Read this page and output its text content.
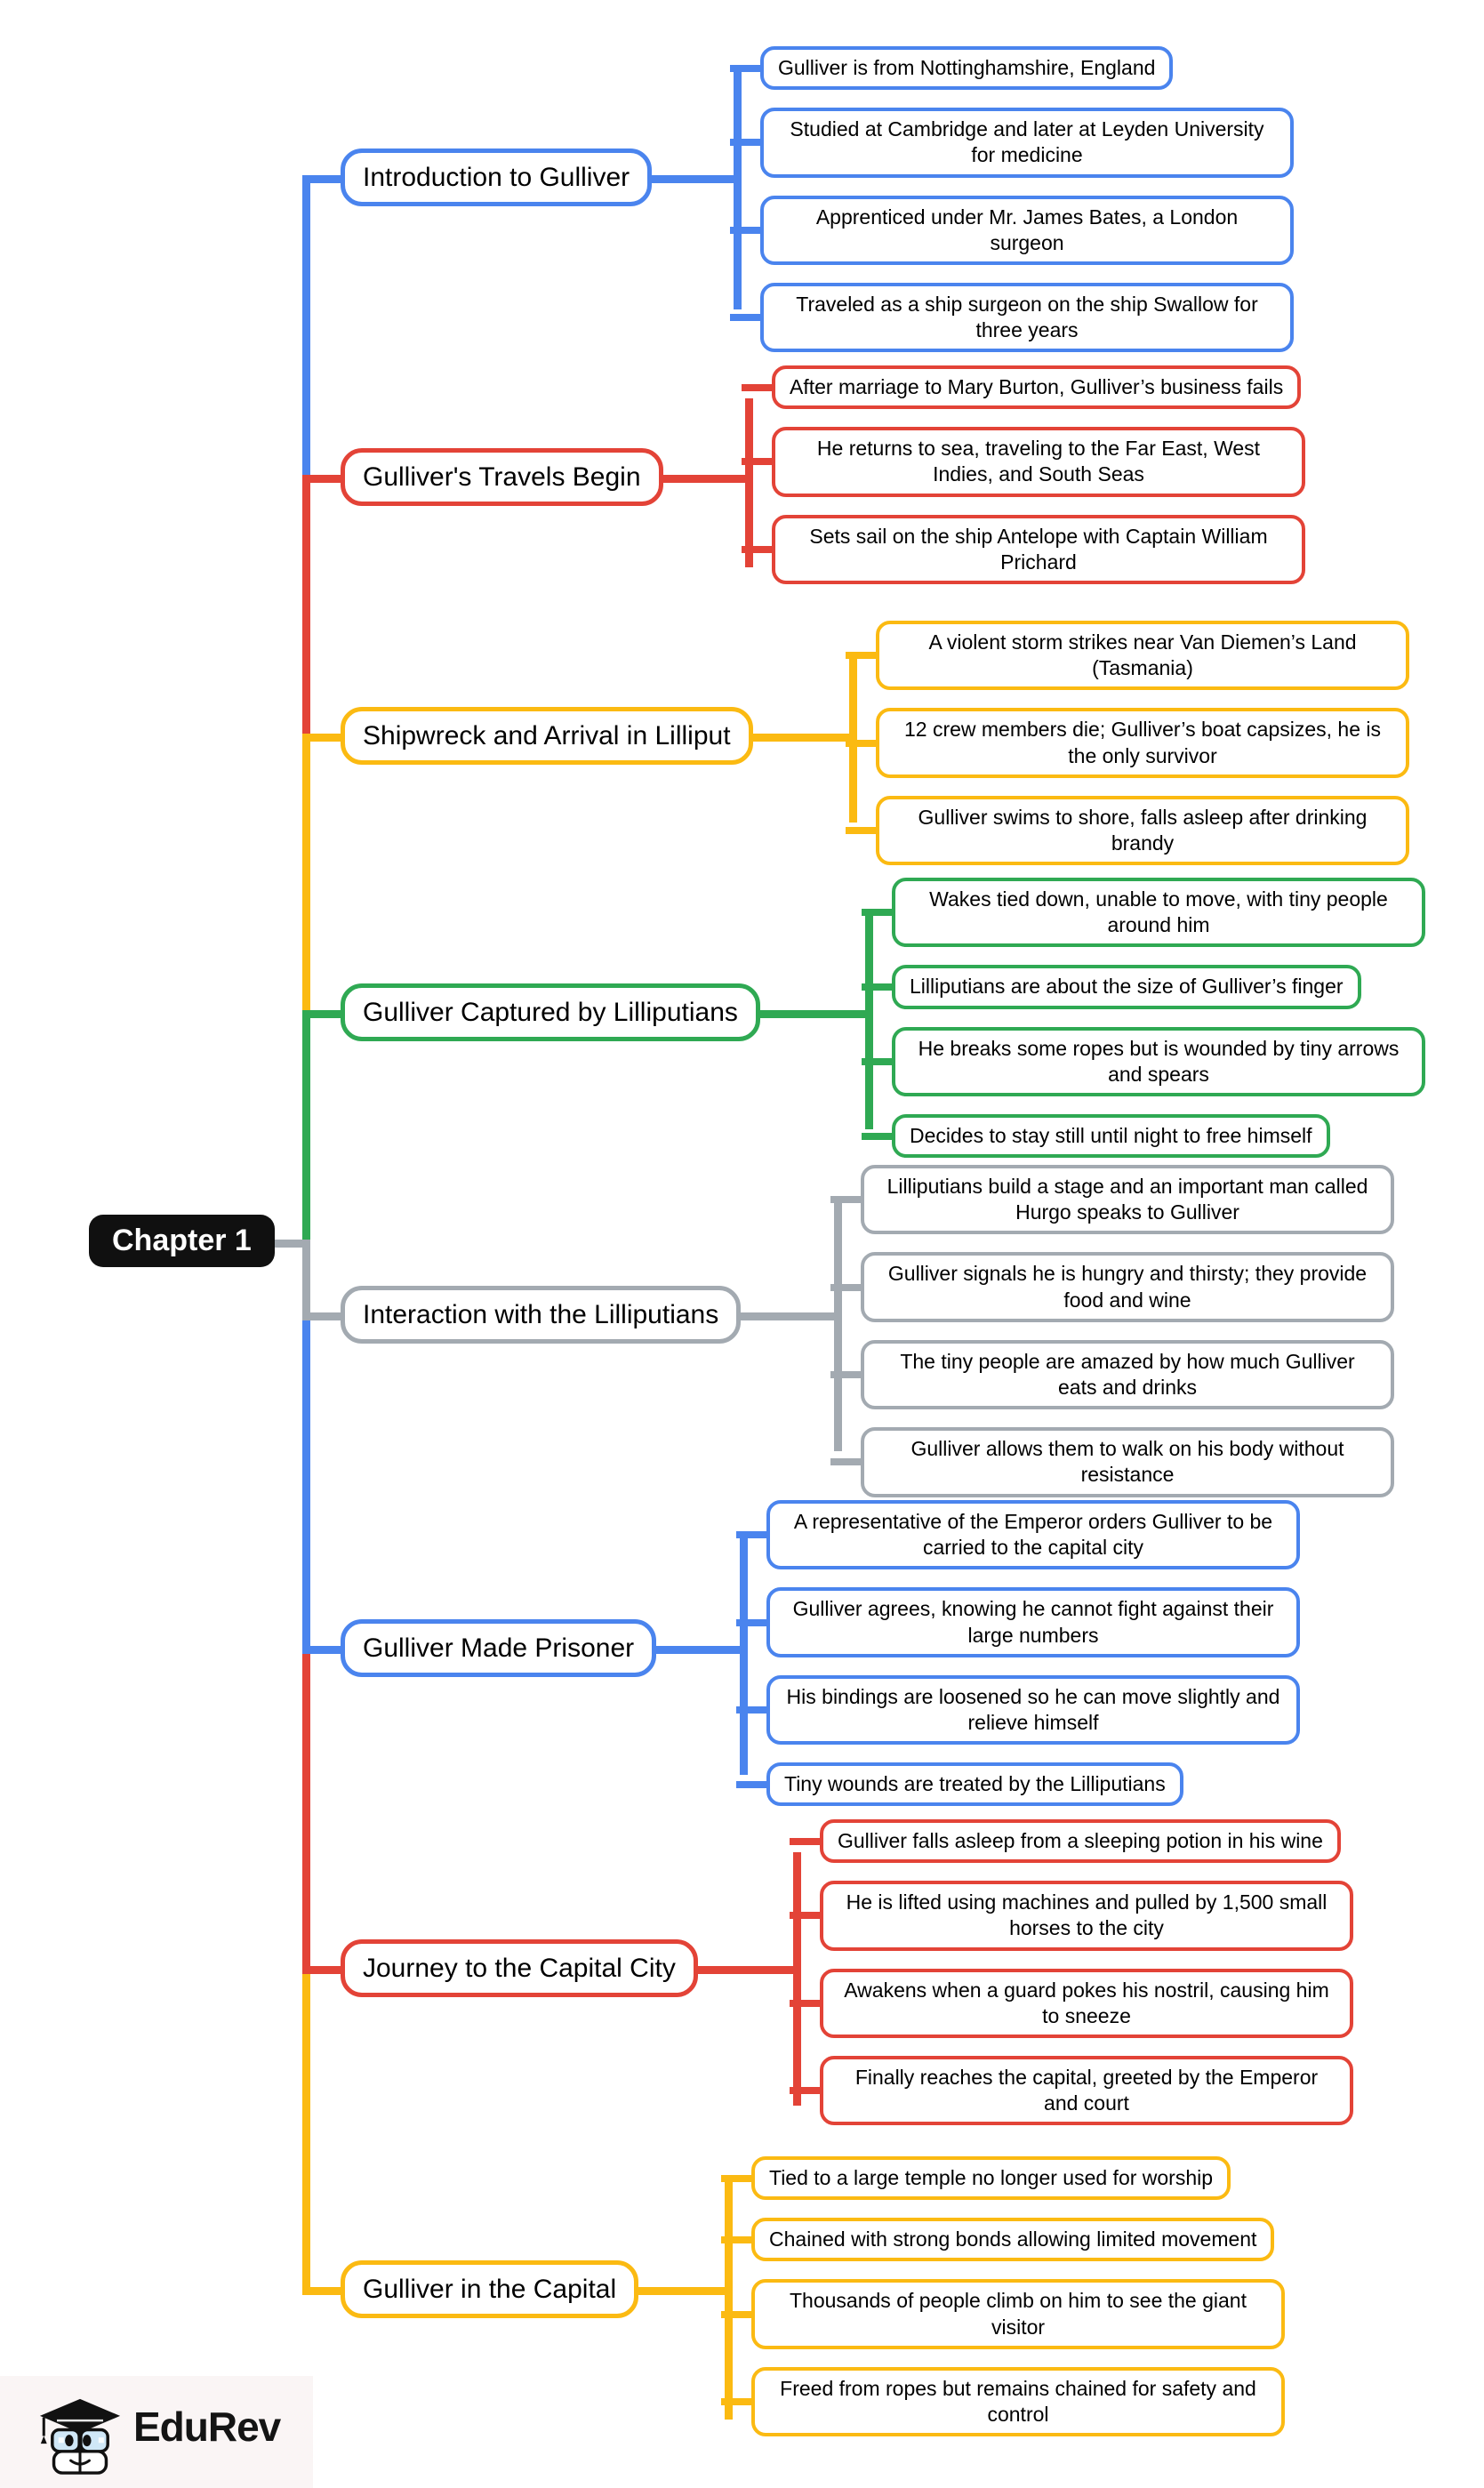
Chapter 1
Introduction to Gulliver
Gulliver's Travels Begin
Shipwreck and Arrival in Lilliput
Gulliver Captured by Lilliputians
Interaction with the Lilliputians
Gulliver Made Prisoner
Journey to the Capital City
Gulliver in the Capital
Gulliver is from Nottinghamshire, England
Studied at Cambridge and later at Leyden University for medicine
Apprenticed under Mr. James Bates, a London surgeon
Traveled as a ship surgeon on the ship Swallow for three years
After marriage to Mary Burton, Gulliver’s business fails
He returns to sea, traveling to the Far East, West Indies, and South Seas
Sets sail on the ship Antelope with Captain William Prichard
A violent storm strikes near Van Diemen’s Land (Tasmania)
12 crew members die; Gulliver’s boat capsizes, he is the only survivor
Gulliver swims to shore, falls asleep after drinking brandy
Wakes tied down, unable to move, with tiny people around him
Lilliputians are about the size of Gulliver’s finger
He breaks some ropes but is wounded by tiny arrows and spears
Decides to stay still until night to free himself
Lilliputians build a stage and an important man called Hurgo speaks to Gulliver
Gulliver signals he is hungry and thirsty; they provide food and wine
The tiny people are amazed by how much Gulliver eats and drinks
Gulliver allows them to walk on his body without resistance
A representative of the Emperor orders Gulliver to be carried to the capital city
Gulliver agrees, knowing he cannot fight against their large numbers
His bindings are loosened so he can move slightly and relieve himself
Tiny wounds are treated by the Lilliputians
Gulliver falls asleep from a sleeping potion in his wine
He is lifted using machines and pulled by 1,500 small horses to the city
Awakens when a guard pokes his nostril, causing him to sneeze
Finally reaches the capital, greeted by the Emperor and court
Tied to a large temple no longer used for worship
Chained with strong bonds allowing limited movement
Thousands of people climb on him to see the giant visitor
Freed from ropes but remains chained for safety and control
EduRev
